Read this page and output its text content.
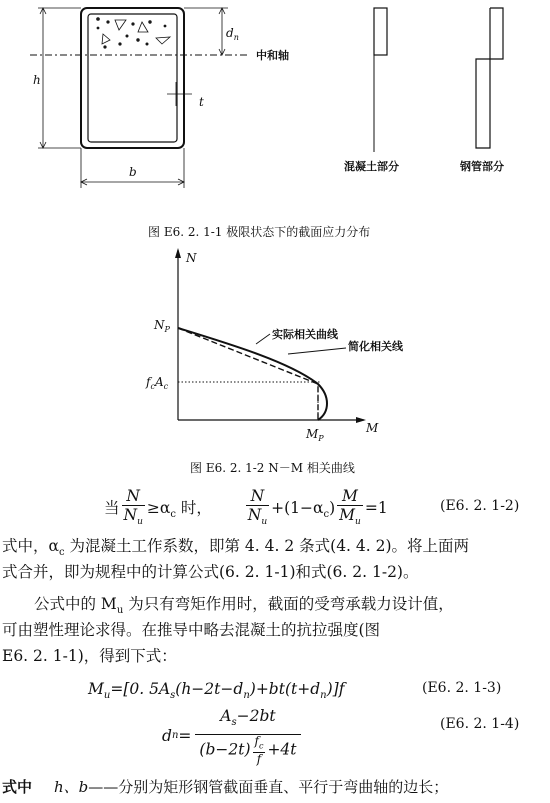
中和轴
$d_n$
h
t
b	混凝土部分	钢管部分
图 E6. 2. 1-1 极限状态下的截面应力分布
N
M
$N_P$
$f_cA_c$
$M_P$
实际相关曲线
简化相关线
图 E6. 2. 1-2 N－M 相关曲线
当 $\frac{N}{N_u} \ge\alpha_c$ 时， $\frac{N}{N_u} +(1-\alpha_c) \frac{M}{M_u} =1$	(E6. 2. 1-2)
式中，$\alpha_c$ 为混凝土工作系数，即第 4. 4. 2 条式(4. 4. 2)。将上面两
式合并，即为规程中的计算公式(6. 2. 1-1)和式(6. 2. 1-2)。
公式中的 $M_u$ 为只有弯矩作用时，截面的受弯承载力设计值，
可由塑性理论求得。在推导中略去混凝土的抗拉强度(图
E6. 2. 1-1)，得到下式：
$M_u=[0$. $5A_s(h-2t-d_n)+bt(t+d_n)]f$	(E6. 2. 1-3)
d n =
$A_s-2bt$
$(b-2t) \frac{f_c}{f} +4t$
(E6. 2. 1-4)
式中 h、b——分别为矩形钢管截面垂直、平行于弯曲轴的边长；
